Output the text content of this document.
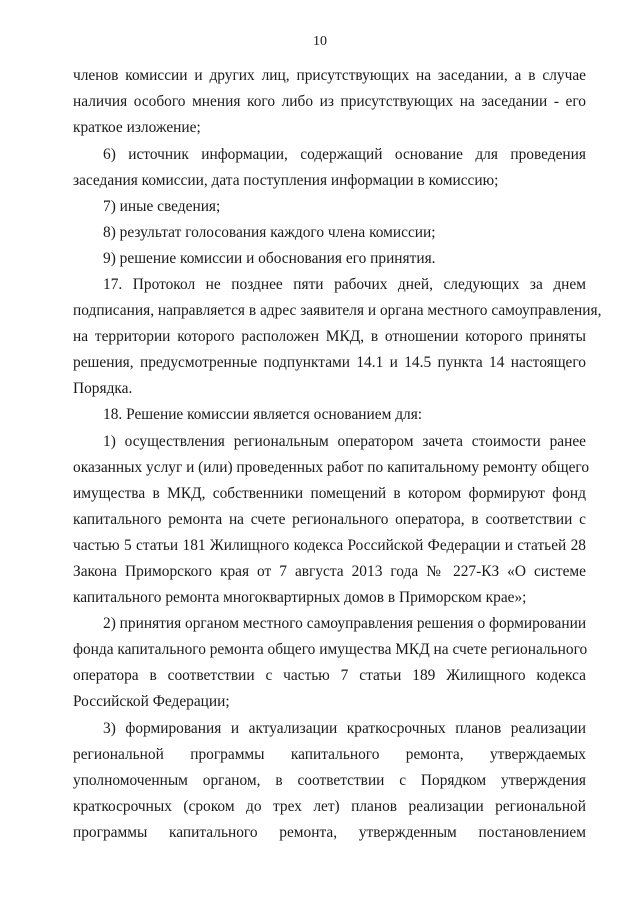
10
членов комиссии и других лиц, присутствующих на заседании, а в случае
наличия особого мнения кого либо из присутствующих на заседании - его
краткое изложение;
6) источник информации, содержащий основание для проведения
заседания комиссии, дата поступления информации в комиссию;
7) иные сведения;
8) результат голосования каждого члена комиссии;
9) решение комиссии и обоснования его принятия.
17. Протокол не позднее пяти рабочих дней, следующих за днем
подписания, направляется в адрес заявителя и органа местного самоуправления,
на территории которого расположен МКД, в отношении которого приняты
решения, предусмотренные подпунктами 14.1 и 14.5 пункта 14 настоящего
Порядка.
18. Решение комиссии является основанием для:
1) осуществления региональным оператором зачета стоимости ранее
оказанных услуг и (или) проведенных работ по капитальному ремонту общего
имущества в МКД, собственники помещений в котором формируют фонд
капитального ремонта на счете регионального оператора, в соответствии с
частью 5 статьи 181 Жилищного кодекса Российской Федерации и статьей 28
Закона Приморского края от 7 августа 2013 года № 227-КЗ «О системе
капитального ремонта многоквартирных домов в Приморском крае»;
2) принятия органом местного самоуправления решения о формировании
фонда капитального ремонта общего имущества МКД на счете регионального
оператора в соответствии с частью 7 статьи 189 Жилищного кодекса
Российской Федерации;
3) формирования и актуализации краткосрочных планов реализации
региональной программы капитального ремонта, утверждаемых
уполномоченным органом, в соответствии с Порядком утверждения
краткосрочных (сроком до трех лет) планов реализации региональной
программы капитального ремонта, утвержденным постановлением
